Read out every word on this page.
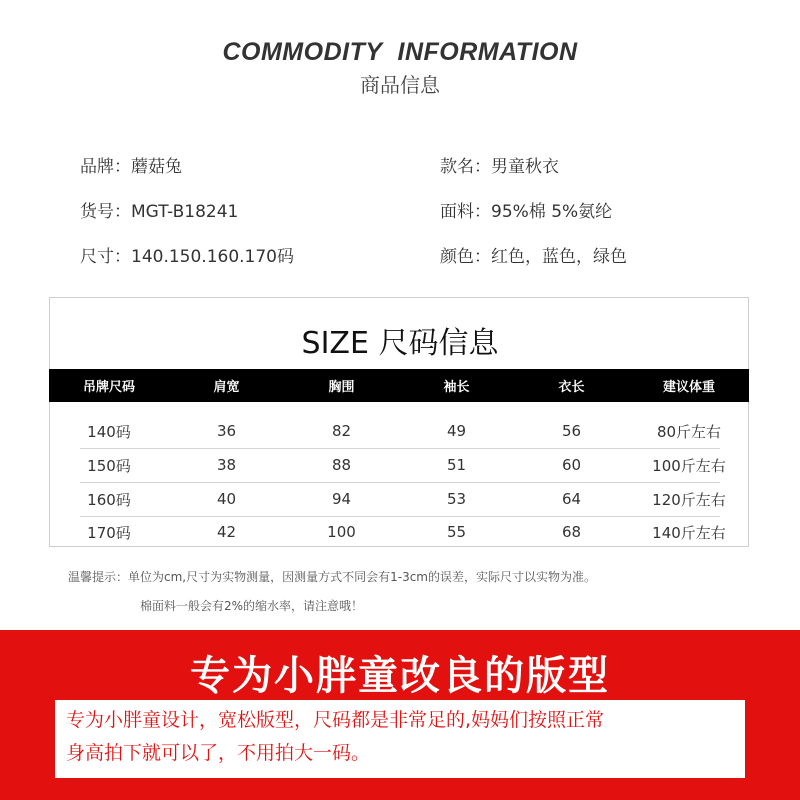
COMMODITY INFORMATION
商品信息
品牌：蘑菇兔	款名：男童秋衣
货号：MGT-B18241	面料：95%棉 5%氨纶
尺寸：140.150.160.170码	颜色：红色，蓝色，绿色
SIZE 尺码信息
吊牌尺码	肩宽	胸围	袖长	衣长	建议体重
140码	36	82	49	56	80斤左右
150码	38	88	51	60	100斤左右
160码	40	94	53	64	120斤左右
170码	42	100	55	68	140斤左右
温馨提示：单位为cm,尺寸为实物测量，因测量方式不同会有1-3cm的误差，实际尺寸以实物为准。
棉面料一般会有2%的缩水率，请注意哦！
专为小胖童改良的版型
专为小胖童设计，宽松版型，尺码都是非常足的,妈妈们按照正常
身高拍下就可以了，不用拍大一码。
